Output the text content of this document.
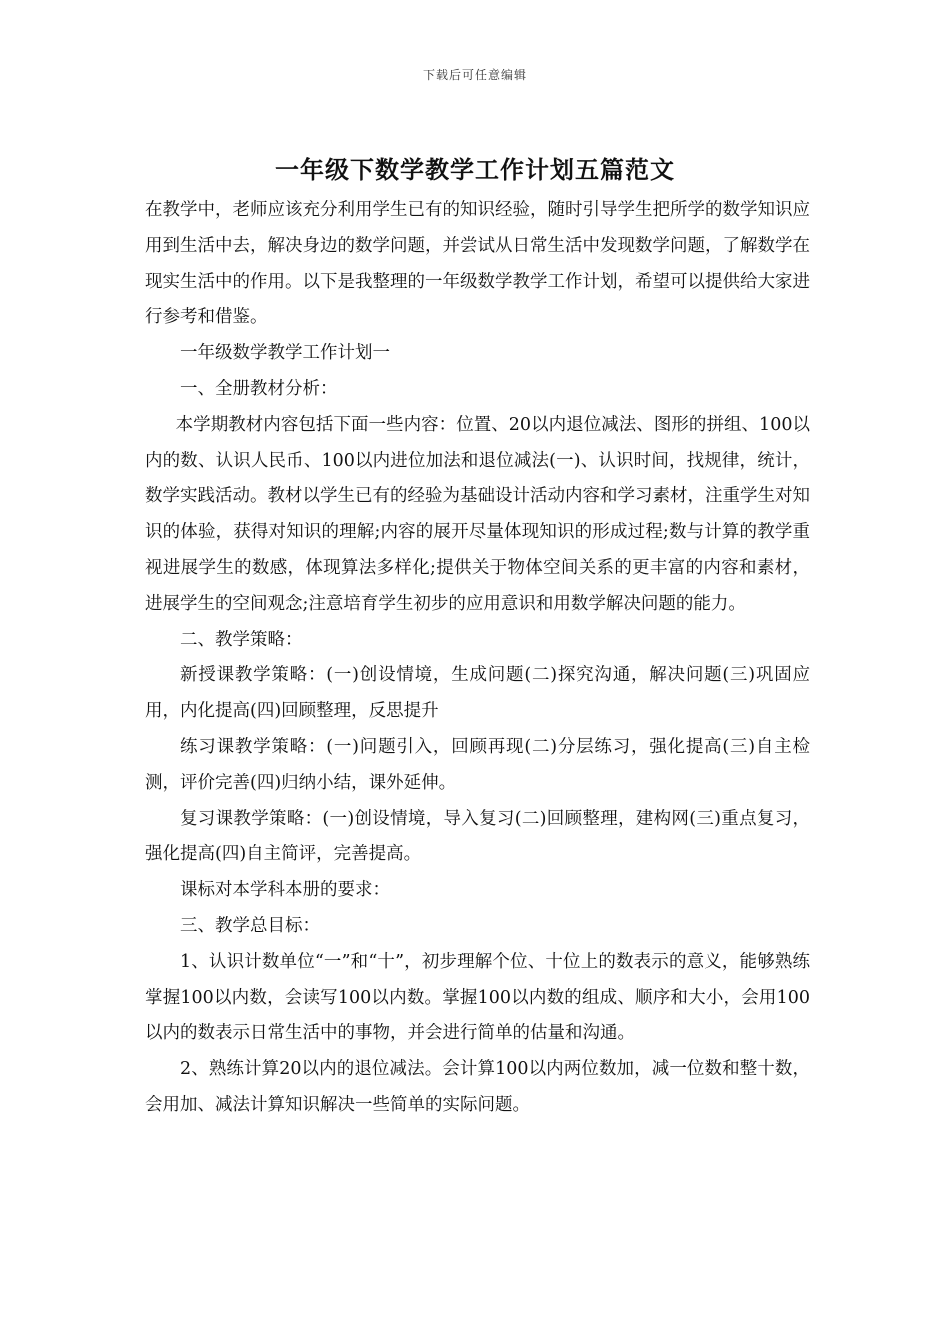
下载后可任意编辑
一年级下数学教学工作计划五篇范文

在教学中，老师应该充分利用学生已有的知识经验，随时引导学生把所学的数学知识应用到生活中去，解决身边的数学问题，并尝试从日常生活中发现数学问题，了解数学在现实生活中的作用。以下是我整理的一年级数学教学工作计划，希望可以提供给大家进行参考和借鉴。

一年级数学教学工作计划一

一、全册教材分析：

本学期教材内容包括下面一些内容：位置、20以内退位减法、图形的拼组、100以内的数、认识人民币、100以内进位加法和退位减法(一)、认识时间，找规律，统计，数学实践活动。教材以学生已有的经验为基础设计活动内容和学习素材，注重学生对知识的体验，获得对知识的理解;内容的展开尽量体现知识的形成过程;数与计算的教学重视进展学生的数感，体现算法多样化;提供关于物体空间关系的更丰富的内容和素材，进展学生的空间观念;注意培育学生初步的应用意识和用数学解决问题的能力。

二、教学策略：

新授课教学策略：(一)创设情境，生成问题(二)探究沟通，解决问题(三)巩固应用，内化提高(四)回顾整理，反思提升

练习课教学策略：(一)问题引入，回顾再现(二)分层练习，强化提高(三)自主检测，评价完善(四)归纳小结，课外延伸。

复习课教学策略：(一)创设情境，导入复习(二)回顾整理，建构网(三)重点复习，强化提高(四)自主简评，完善提高。

课标对本学科本册的要求：

三、教学总目标：

1、认识计数单位“一”和“十”，初步理解个位、十位上的数表示的意义，能够熟练掌握100以内数，会读写100以内数。掌握100以内数的组成、顺序和大小，会用100以内的数表示日常生活中的事物，并会进行简单的估量和沟通。

2、熟练计算20以内的退位减法。会计算100以内两位数加，减一位数和整十数，会用加、减法计算知识解决一些简单的实际问题。
